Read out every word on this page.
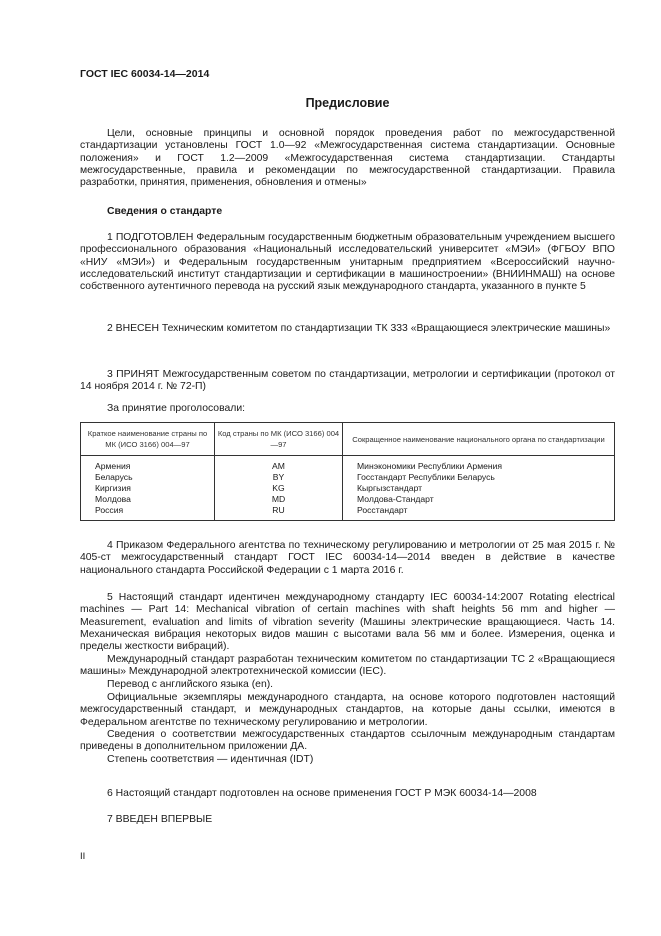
ГОСТ IEC 60034-14—2014
Предисловие

Цели, основные принципы и основной порядок проведения работ по межгосударственной стандартизации установлены ГОСТ 1.0—92 «Межгосударственная система стандартизации. Основные положения» и ГОСТ 1.2—2009 «Межгосударственная система стандартизации. Стандарты межгосударственные, правила и рекомендации по межгосударственной стандартизации. Правила разработки, принятия, применения, обновления и отмены»

Сведения о стандарте

1 ПОДГОТОВЛЕН Федеральным государственным бюджетным образовательным учреждением высшего профессионального образования «Национальный исследовательский университет «МЭИ» (ФГБОУ ВПО «НИУ «МЭИ») и Федеральным государственным унитарным предприятием «Всероссийский научно-исследовательский институт стандартизации и сертификации в машиностроении» (ВНИИНМАШ) на основе собственного аутентичного перевода на русский язык международного стандарта, указанного в пункте 5

2 ВНЕСЕН Техническим комитетом по стандартизации ТК 333 «Вращающиеся электрические машины»

3 ПРИНЯТ Межгосударственным советом по стандартизации, метрологии и сертификации (протокол от 14 ноября 2014 г. № 72-П)

За принятие проголосовали:

Краткое наименование страны по МК (ИСО 3166) 004—97	Код страны по МК (ИСО 3166) 004—97	Сокращенное наименование национального органа по стандартизации
Армения	AM	Минэкономики Республики Армения
Беларусь	BY	Госстандарт Республики Беларусь
Киргизия	KG	Кыргызстандарт
Молдова	MD	Молдова-Стандарт
Россия	RU	Росстандарт

4 Приказом Федерального агентства по техническому регулированию и метрологии от 25 мая 2015 г. № 405-ст межгосударственный стандарт ГОСТ IEC 60034-14—2014 введен в действие в качестве национального стандарта Российской Федерации с 1 марта 2016 г.

5 Настоящий стандарт идентичен международному стандарту IEC 60034-14:2007 Rotating electrical machines — Part 14: Mechanical vibration of certain machines with shaft heights 56 mm and higher — Measurement, evaluation and limits of vibration severity (Машины электрические вращающиеся. Часть 14. Механическая вибрация некоторых видов машин с высотами вала 56 мм и более. Измерения, оценка и пределы жесткости вибраций).

Международный стандарт разработан техническим комитетом по стандартизации ТС 2 «Вращающиеся машины» Международной электротехнической комиссии (IEC).

Перевод с английского языка (en).

Официальные экземпляры международного стандарта, на основе которого подготовлен настоящий межгосударственный стандарт, и международных стандартов, на которые даны ссылки, имеются в Федеральном агентстве по техническому регулированию и метрологии.

Сведения о соответствии межгосударственных стандартов ссылочным международным стандартам приведены в дополнительном приложении ДА.

Степень соответствия — идентичная (IDT)

6 Настоящий стандарт подготовлен на основе применения ГОСТ Р МЭК 60034-14—2008

7 ВВЕДЕН ВПЕРВЫЕ

II
